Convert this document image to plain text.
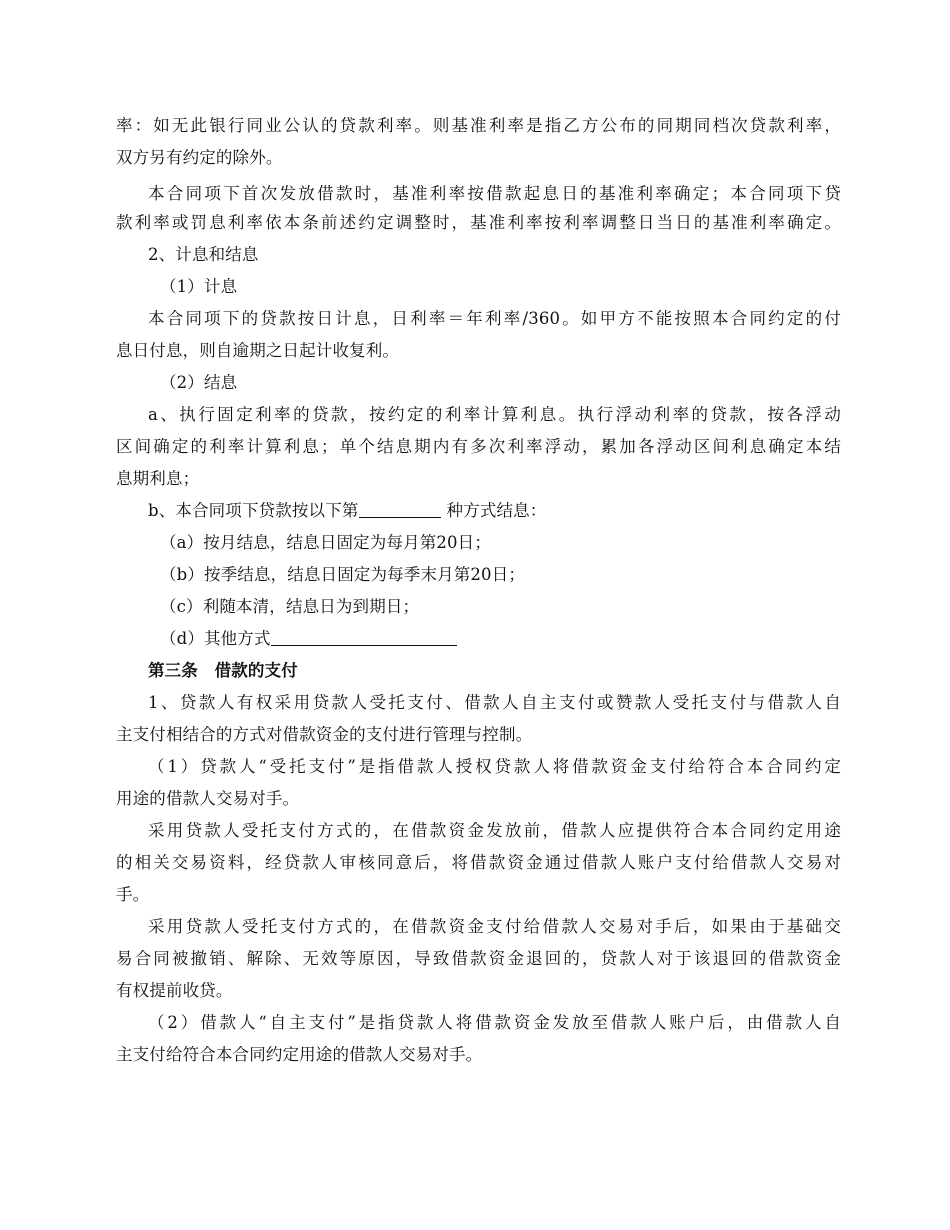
率：如无此银行同业公认的贷款利率。则基准利率是指乙方公布的同期同档次贷款利率，
双方另有约定的除外。
本合同项下首次发放借款时，基准利率按借款起息日的基准利率确定；本合同项下贷
款利率或罚息利率依本条前述约定调整时，基准利率按利率调整日当日的基准利率确定。
2、计息和结息
（1）计息
本合同项下的贷款按日计息，日利率＝年利率/360。如甲方不能按照本合同约定的付
息日付息，则自逾期之日起计收复利。
（2）结息
a、执行固定利率的贷款，按约定的利率计算利息。执行浮动利率的贷款，按各浮动
区间确定的利率计算利息；单个结息期内有多次利率浮动，累加各浮动区间利息确定本结
息期利息；
b、本合同项下贷款按以下第	种方式结息：
（a）按月结息，结息日固定为每月第20日；
（b）按季结息，结息日固定为每季末月第20日；
（c）利随本清，结息日为到期日；
（d）其他方式
第三条　借款的支付
1、贷款人有权采用贷款人受托支付、借款人自主支付或赞款人受托支付与借款人自
主支付相结合的方式对借款资金的支付进行管理与控制。
（1）贷款人“受托支付”是指借款人授权贷款人将借款资金支付给符合本合同约定
用途的借款人交易对手。
采用贷款人受托支付方式的，在借款资金发放前，借款人应提供符合本合同约定用途
的相关交易资料，经贷款人审核同意后，将借款资金通过借款人账户支付给借款人交易对
手。
采用贷款人受托支付方式的，在借款资金支付给借款人交易对手后，如果由于基础交
易合同被撤销、解除、无效等原因，导致借款资金退回的，贷款人对于该退回的借款资金
有权提前收贷。
（2）借款人“自主支付”是指贷款人将借款资金发放至借款人账户后，由借款人自
主支付给符合本合同约定用途的借款人交易对手。
